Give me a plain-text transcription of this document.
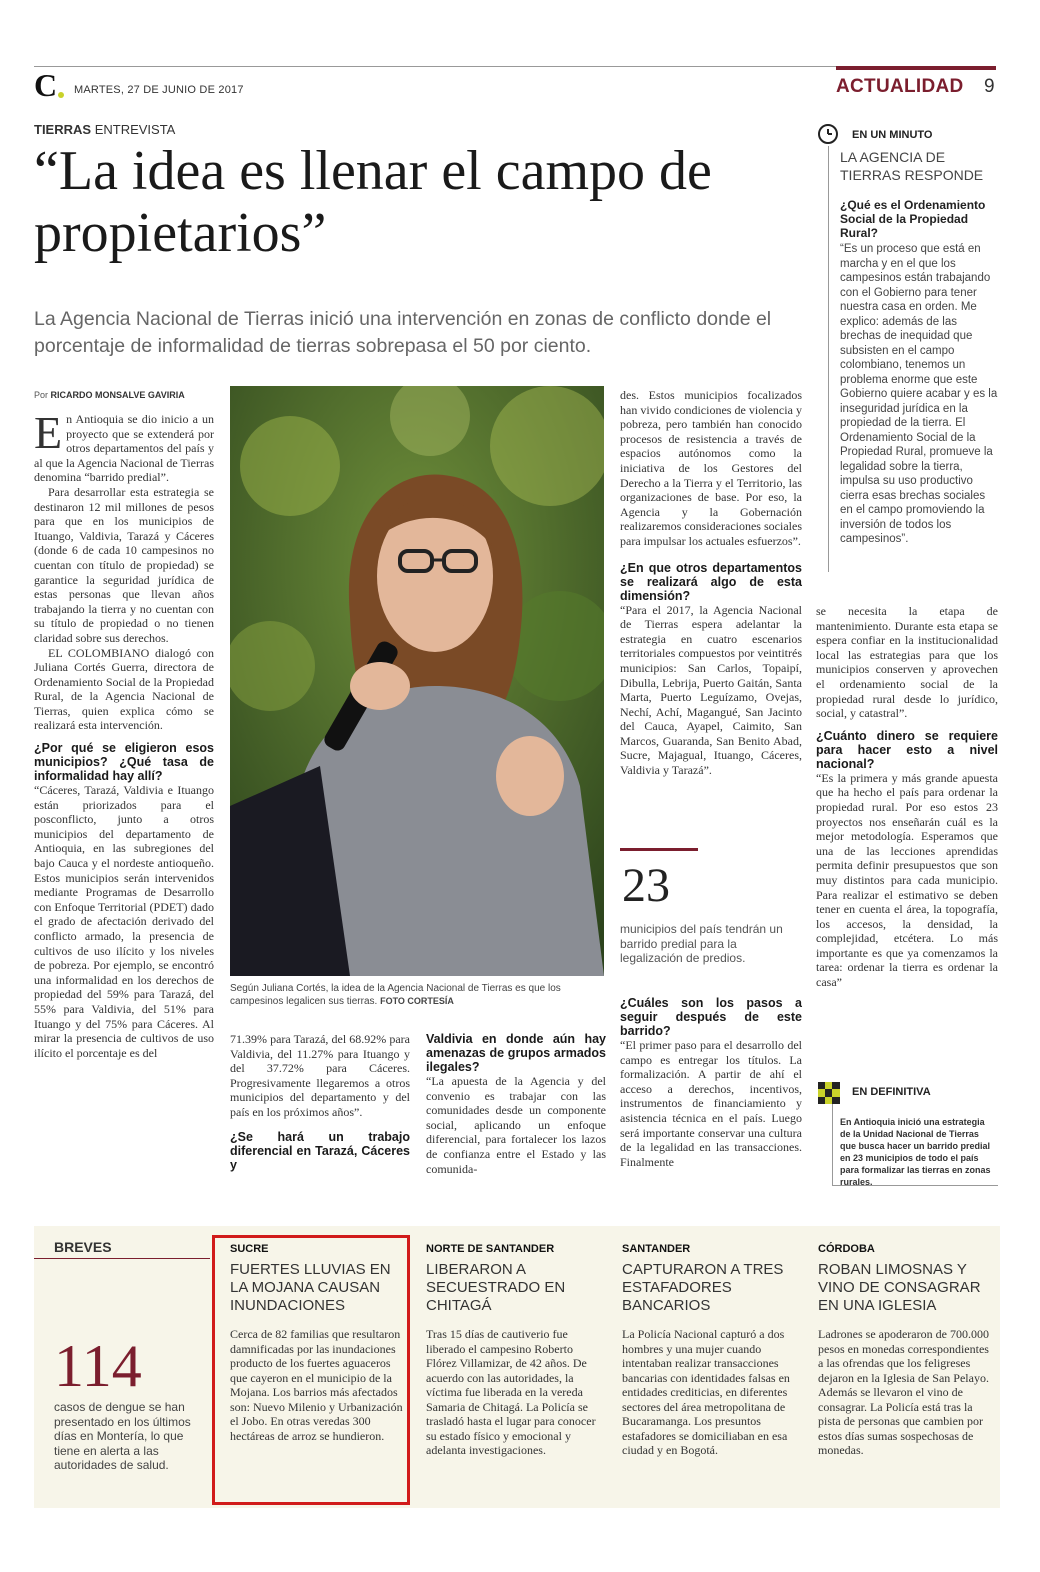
C MARTES, 27 DE JUNIO DE 2017	ACTUALIDAD 9
TIERRAS ENTREVISTA
“La idea es llenar el campo de propietarios”
La Agencia Nacional de Tierras inició una intervención en zonas de conflicto donde el porcentaje de informalidad de tierras sobrepasa el 50 por ciento.
Por RICARDO MONSALVE GAVIRIA
E n Antioquia se dio inicio a un proyecto que se extenderá por otros departamentos del país y al que la Agencia Nacional de Tierras denomina “barrido predial”.
Para desarrollar esta estrategia se destinaron 12 mil millones de pesos para que en los municipios de Ituango, Valdivia, Tarazá y Cáceres (donde 6 de cada 10 campesinos no cuentan con título de propiedad) se garantice la seguridad jurídica de estas personas que llevan años trabajando la tierra y no cuentan con su título de propiedad o no tienen claridad sobre sus derechos.
EL COLOMBIANO dialogó con Juliana Cortés Guerra, directora de Ordenamiento Social de la Propiedad Rural, de la Agencia Nacional de Tierras, quien explica cómo se realizará esta intervención.
¿Por qué se eligieron esos municipios? ¿Qué tasa de informalidad hay allí?
“Cáceres, Tarazá, Valdivia e Ituango están priorizados para el posconflicto, junto a otros municipios del departamento de Antioquia, en las subregiones del bajo Cauca y el nordeste antioqueño. Estos municipios serán intervenidos mediante Programas de Desarrollo con Enfoque Territorial (PDET) dado el grado de afectación derivado del conflicto armado, la presencia de cultivos de uso ilícito y los niveles de pobreza. Por ejemplo, se encontró una informalidad en los derechos de propiedad del 59% para Tarazá, del 55% para Valdivia, del 51% para Ituango y del 75% para Cáceres. Al mirar la presencia de cultivos de uso ilícito el porcentaje es del
Según Juliana Cortés, la idea de la Agencia Nacional de Tierras es que los campesinos legalicen sus tierras. FOTO CORTESÍA
71.39% para Tarazá, del 68.92% para Valdivia, del 11.27% para Ituango y del 37.72% para Cáceres. Progresivamente llegaremos a otros municipios del departamento y del país en los próximos años”.
¿Se hará un trabajo diferencial en Tarazá, Cáceres y
Valdivia en donde aún hay amenazas de grupos armados ilegales?
“La apuesta de la Agencia y del convenio es trabajar con las comunidades desde un componente social, aplicando un enfoque diferencial, para fortalecer los lazos de confianza entre el Estado y las comunida-
des. Estos municipios focalizados han vivido condiciones de violencia y pobreza, pero también han conocido procesos de resistencia a través de espacios autónomos como la iniciativa de los Gestores del Derecho a la Tierra y el Territorio, las organizaciones de base. Por eso, la Agencia y la Gobernación realizaremos consideraciones sociales para impulsar los actuales esfuerzos”.
¿En que otros departamentos se realizará algo de esta dimensión?
“Para el 2017, la Agencia Nacional de Tierras espera adelantar la estrategia en cuatro escenarios territoriales compuestos por veintitrés municipios: San Carlos, Topaipí, Dibulla, Lebrija, Puerto Gaitán, Santa Marta, Puerto Leguízamo, Ovejas, Nechí, Achí, Magangué, San Jacinto del Cauca, Ayapel, Caimito, San Marcos, Guaranda, San Benito Abad, Sucre, Majagual, Ituango, Cáceres, Valdivia y Tarazá”.
23
municipios del país tendrán un barrido predial para la legalización de predios.
¿Cuáles son los pasos a seguir después de este barrido?
“El primer paso para el desarrollo del campo es entregar los títulos. La formalización. A partir de ahí el acceso a derechos, incentivos, instrumentos de financiamiento y asistencia técnica en el país. Luego será importante conservar una cultura de la legalidad en las transacciones. Finalmente
se necesita la etapa de mantenimiento. Durante esta etapa se espera confiar en la institucionalidad local las estrategias para que los municipios conserven y aprovechen el ordenamiento social de la propiedad rural desde lo jurídico, social, y catastral”.
¿Cuánto dinero se requiere para hacer esto a nivel nacional?
“Es la primera y más grande apuesta que ha hecho el país para ordenar la propiedad rural. Por eso estos 23 proyectos nos enseñarán cuál es la mejor metodología. Esperamos que una de las lecciones aprendidas permita definir presupuestos que son muy distintos para cada municipio. Para realizar el estimativo se deben tener en cuenta el área, la topografía, los accesos, la densidad, la complejidad, etcétera. Lo más importante es que ya comenzamos la tarea: ordenar la tierra es ordenar la casa”
EN UN MINUTO
LA AGENCIA DE TIERRAS RESPONDE
¿Qué es el Ordenamiento Social de la Propiedad Rural?
“Es un proceso que está en marcha y en el que los campesinos están trabajando con el Gobierno para tener nuestra casa en orden. Me explico: además de las brechas de inequidad que subsisten en el campo colombiano, tenemos un problema enorme que este Gobierno quiere acabar y es la inseguridad jurídica en la propiedad de la tierra. El Ordenamiento Social de la Propiedad Rural, promueve la legalidad sobre la tierra, impulsa su uso productivo cierra esas brechas sociales en el campo promoviendo la inversión de todos los campesinos”.
EN DEFINITIVA
En Antioquia inició una estrategia de la Unidad Nacional de Tierras que busca hacer un barrido predial en 23 municipios de todo el país para formalizar las tierras en zonas rurales.
BREVES
114
casos de dengue se han presentado en los últimos días en Montería, lo que tiene en alerta a las autoridades de salud.
SUCRE
FUERTES LLUVIAS EN LA MOJANA CAUSAN INUNDACIONES
Cerca de 82 familias que resultaron damnificadas por las inundaciones producto de los fuertes aguaceros que cayeron en el municipio de la Mojana. Los barrios más afectados son: Nuevo Milenio y Urbanización el Jobo. En otras veredas 300 hectáreas de arroz se hundieron.
NORTE DE SANTANDER
LIBERARON A SECUESTRADO EN CHITAGÁ
Tras 15 días de cautiverio fue liberado el campesino Roberto Flórez Villamizar, de 42 años. De acuerdo con las autoridades, la víctima fue liberada en la vereda Samaria de Chitagá. La Policía se trasladó hasta el lugar para conocer su estado físico y emocional y adelanta investigaciones.
SANTANDER
CAPTURARON A TRES ESTAFADORES BANCARIOS
La Policía Nacional capturó a dos hombres y una mujer cuando intentaban realizar transacciones bancarias con identidades falsas en entidades crediticias, en diferentes sectores del área metropolitana de Bucaramanga. Los presuntos estafadores se domiciliaban en esa ciudad y en Bogotá.
CÓRDOBA
ROBAN LIMOSNAS Y VINO DE CONSAGRAR EN UNA IGLESIA
Ladrones se apoderaron de 700.000 pesos en monedas correspondientes a las ofrendas que los feligreses dejaron en la Iglesia de San Pelayo. Además se llevaron el vino de consagrar. La Policía está tras la pista de personas que cambien por estos días sumas sospechosas de monedas.
